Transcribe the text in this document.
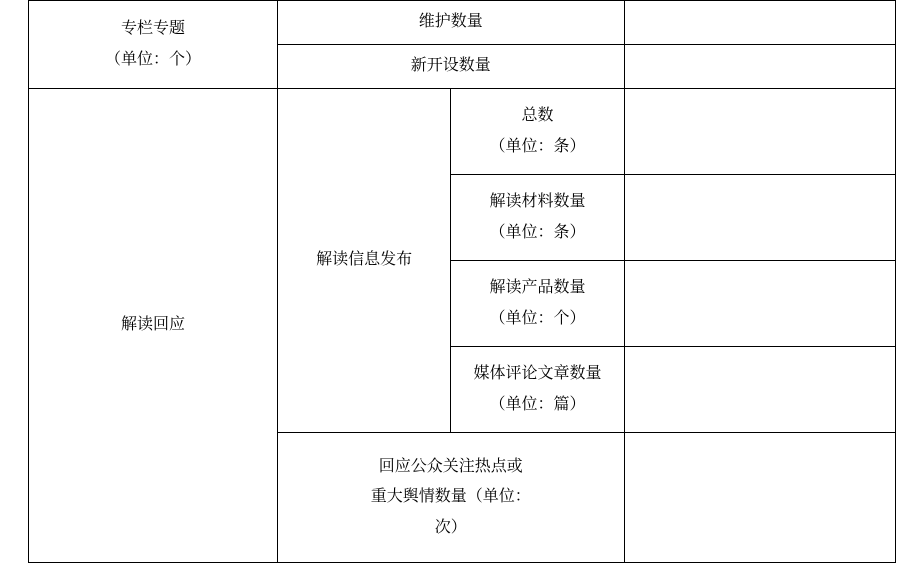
专栏专题
（单位：个）	维护数量		

	新开设数量		

解读回应	解读信息发布	总数
（单位：条）	

		解读材料数量
（单位：条）	

		解读产品数量
（单位：个）	

		媒体评论文章数量
（单位：篇）	

	回应公众关注热点或
重大舆情数量（单位：
次）		
